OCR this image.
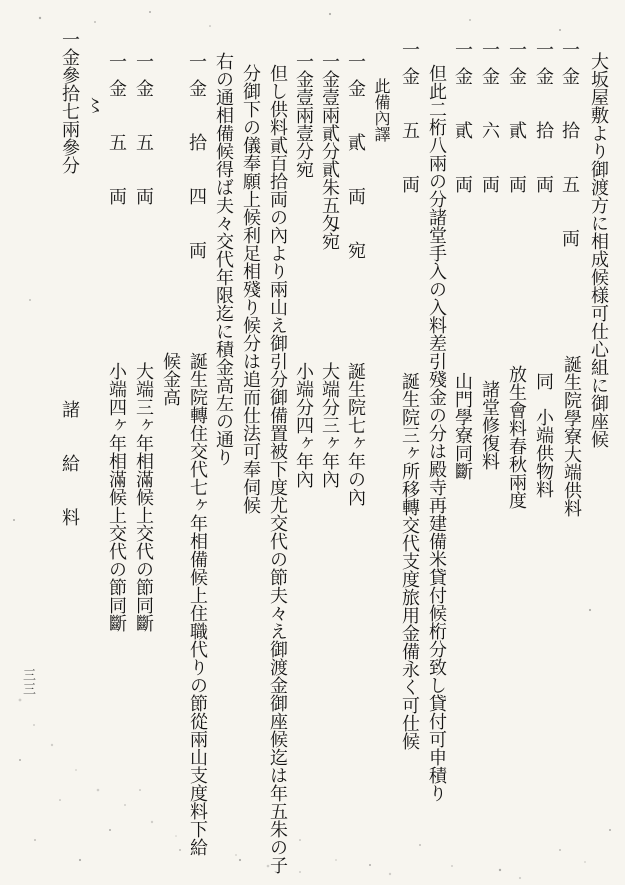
大坂屋敷より御渡方に相成候様可仕心組に御座候

一金　拾　五　両

誕生院學寮大端供料

一金　拾　両

同　小端供物料

一金　貳　両

放生會料春秋兩度

一金　六　両

諸堂修復料

一金　貳　両

山門學寮同斷

但此二桁八兩の分諸堂手入の入料差引殘金の分は殿寺再建備米貸付候桁分致し貸付可申積り

一金　五　両

誕生院三ヶ所移轉交代支度旅用金備永く可仕候

此備內譯

一金　貳　両　宛

誕生院七ヶ年の內

一金壹兩貳分貳朱五匁宛

大端分三ヶ年內

一金壹兩壹分宛

小端分四ヶ年內

但し供料貳百拾両の內より兩山え御引分御備置被下度尤交代の節夫々え御渡金御座候迄は年五朱の子

分御下の儀奉願上候利足相殘り候分は追而仕法可奉伺候

右の通相備候得ば夫々交代年限迄に積金高左の通り

一金　拾　四　両

誕生院轉住交代七ヶ年相備候上住職代りの節從兩山支度料下給

候金高

一金　五　両

大端三ヶ年相滿候上交代の節同斷

一金　五　両

小端四ヶ年相滿候上交代の節同斷

一金參拾七兩參分

諸　給　料

〻
三三
